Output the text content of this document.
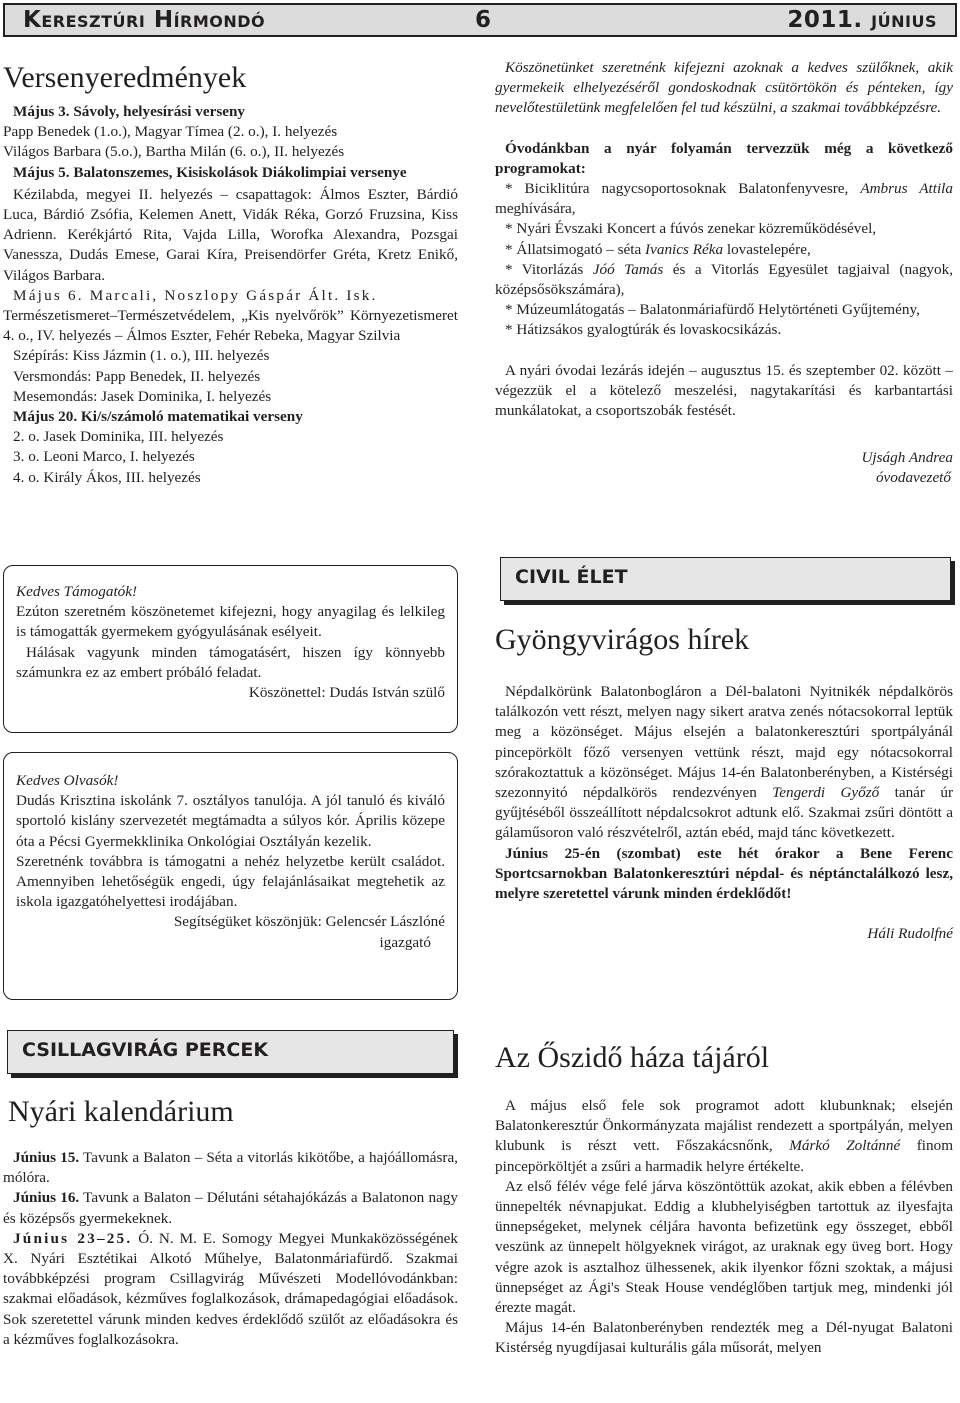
Keresztúri Hírmondó	6	2011. június
Versenyeredmények

Május 3. Sávoly, helyesírási verseny

Papp Benedek (1.o.), Magyar Tímea (2. o.), I. helyezés

Világos Barbara (5.o.), Bartha Milán (6. o.), II. helyezés

Május 5. Balatonszemes, Kisiskolások Diákolimpiai versenye

Kézilabda, megyei II. helyezés – csapattagok: Álmos Eszter, Bárdió Luca, Bárdió Zsófia, Kelemen Anett, Vidák Réka, Gorzó Fruzsina, Kiss Adrienn. Kerékjártó Rita, Vajda Lilla, Worofka Alexandra, Pozsgai Vanessza, Dudás Emese, Garai Kíra, Preisendörfer Gréta, Kretz Enikő, Világos Barbara.

Május 6. Marcali, Noszlopy Gáspár Ált. Isk.

Természetismeret–Természetvédelem, „Kis nyelvőrök” Környezetismeret 4. o., IV. helyezés – Álmos Eszter, Fehér Rebeka, Magyar Szilvia

Szépírás: Kiss Jázmin (1. o.), III. helyezés

Versmondás: Papp Benedek, II. helyezés

Mesemondás: Jasek Dominika, I. helyezés

Május 20. Ki/s/számoló matematikai verseny

2. o. Jasek Dominika, III. helyezés

3. o. Leoni Marco, I. helyezés

4. o. Király Ákos, III. helyezés

Kedves Támogatók!

Ezúton szeretném köszönetemet kifejezni, hogy anyagilag és lelkileg is támogatták gyermekem gyógyulásának esélyeit.

Hálásak vagyunk minden támogatásért, hiszen így könnyebb számunkra ez az embert próbáló feladat.

Köszönettel: Dudás István szülő

Kedves Olvasók!

Dudás Krisztina iskolánk 7. osztályos tanulója. A jól tanuló és kiváló sportoló kislány szervezetét megtámadta a súlyos kór. Április közepe óta a Pécsi Gyermekklinika Onkológiai Osztályán kezelik.

Szeretnénk továbbra is támogatni a nehéz helyzetbe került családot. Amennyiben lehetőségük engedi, úgy felajánlásaikat megtehetik az iskola igazgatóhelyettesi irodájában.

Segítségüket köszönjük: Gelencsér Lászlóné

igazgató

CSILLAGVIRÁG PERCEK
Nyári kalendárium

Június 15. Tavunk a Balaton – Séta a vitorlás kikötőbe, a hajóállomásra, mólóra.

Június 16. Tavunk a Balaton – Délutáni sétahajókázás a Balatonon nagy és középsős gyermekeknek.

Június 23–25. Ó. N. M. E. Somogy Megyei Munkaközösségének X. Nyári Esztétikai Alkotó Műhelye, Balatonmáriafürdő. Szakmai továbbképzési program Csillagvirág Művészeti Modellóvodánkban: szakmai előadások, kézműves foglalkozások, drámapedagógiai előadások. Sok szeretettel várunk minden kedves érdeklődő szülőt az előadásokra és a kézműves foglalkozásokra.

Köszönetünket szeretnénk kifejezni azoknak a kedves szülőknek, akik gyermekeik elhelyezéséről gondoskodnak csütörtökön és pénteken, így nevelőtestületünk megfelelően fel tud készülni, a szakmai továbbképzésre.

Óvodánkban a nyár folyamán tervezzük még a következő programokat:

* Biciklitúra nagycsoportosoknak Balatonfenyvesre, Ambrus Attila meghívására,

* Nyári Évszaki Koncert a fúvós zenekar közreműködésével,

* Állatsimogató – séta Ivanics Réka lovastelepére,

* Vitorlázás Jóó Tamás és a Vitorlás Egyesület tagjaival (nagyok, középsősökszámára),

* Múzeumlátogatás – Balatonmáriafürdő Helytörténeti Gyűjtemény,

* Hátizsákos gyalogtúrák és lovaskocsikázás.

A nyári óvodai lezárás idején – augusztus 15. és szeptember 02. között – végezzük el a kötelező meszelési, nagytakarítási és karbantartási munkálatokat, a csoportszobák festését.

Ujságh Andrea

óvodavezető

CIVIL ÉLET
Gyöngyvirágos hírek

Népdalkörünk Balatonbogláron a Dél-balatoni Nyitnikék népdalkörös találkozón vett részt, melyen nagy sikert aratva zenés nótacsokorral leptük meg a közönséget. Május elsején a balatonkeresztúri sportpályánál pincepörkölt főző versenyen vettünk részt, majd egy nótacsokorral szórakoztattuk a közönséget. Május 14-én Balatonberényben, a Kistérségi szezonnyitó népdalkörös rendezvényen Tengerdi Győző tanár úr gyűjtéséből összeállított népdalcsokrot adtunk elő. Szakmai zsűri döntött a gálaműsoron való részvételről, aztán ebéd, majd tánc következett.

Június 25-én (szombat) este hét órakor a Bene Ferenc Sportcsarnokban Balatonkeresztúri népdal- és néptánctalálkozó lesz, melyre szeretettel várunk minden érdeklődőt!

Háli Rudolfné

Az Őszidő háza tájáról

A május első fele sok programot adott klubunknak; elsején Balatonkeresztúr Önkormányzata majálist rendezett a sportpályán, melyen klubunk is részt vett. Főszakácsnőnk, Márkó Zoltánné finom pincepörköltjét a zsűri a harmadik helyre értékelte.

Az első félév vége felé járva köszöntöttük azokat, akik ebben a félévben ünnepelték névnapjukat. Eddig a klubhelyiségben tartottuk az ilyesfajta ünnepségeket, melynek céljára havonta befizetünk egy összeget, ebből veszünk az ünnepelt hölgyeknek virágot, az uraknak egy üveg bort. Hogy végre azok is asztalhoz ülhessenek, akik ilyenkor főzni szoktak, a májusi ünnepséget az Ági's Steak House vendéglőben tartjuk meg, mindenki jól érezte magát.

Május 14-én Balatonberényben rendezték meg a Dél-nyugat Balatoni Kistérség nyugdíjasai kulturális gála műsorát, melyen
